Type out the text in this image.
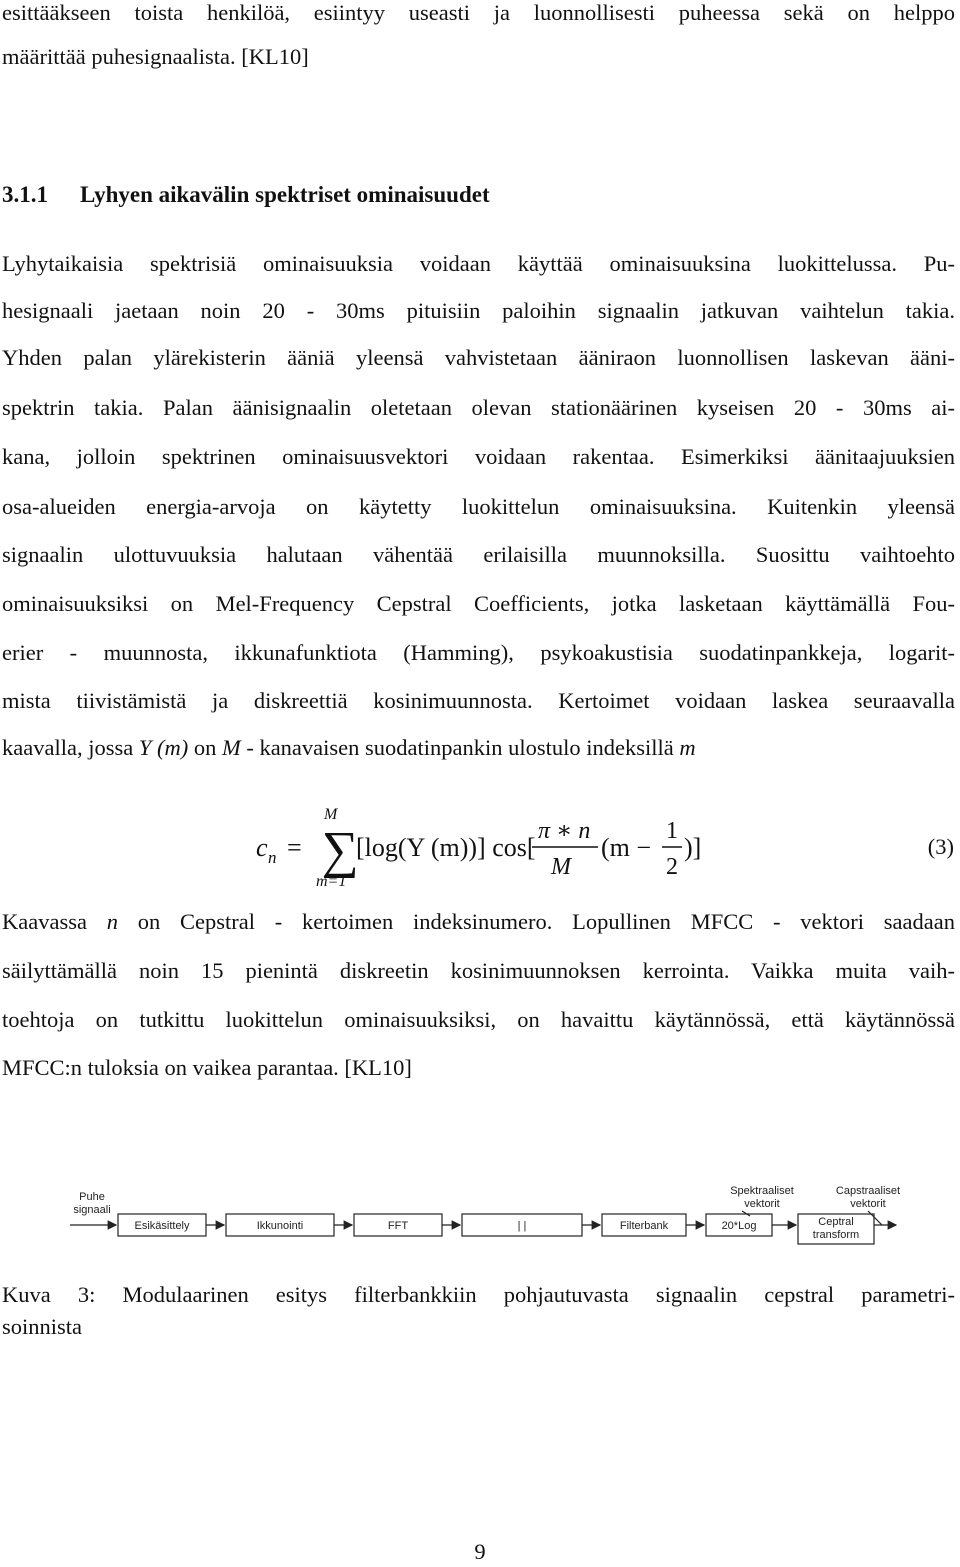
esittääkseen toista henkilöä, esiintyy useasti ja luonnollisesti puheessa sekä on helppo
määrittää puhesignaalista. [KL10]
3.1.1 Lyhyen aikavälin spektriset ominaisuudet
Lyhytaikaisia spektrisiä ominaisuuksia voidaan käyttää ominaisuuksina luokittelussa. Pu-
hesignaali jaetaan noin 20 - 30ms pituisiin paloihin signaalin jatkuvan vaihtelun takia.
Yhden palan ylärekisterin ääniä yleensä vahvistetaan ääniraon luonnollisen laskevan ääni-
spektrin takia. Palan äänisignaalin oletetaan olevan stationäärinen kyseisen 20 - 30ms ai-
kana, jolloin spektrinen ominaisuusvektori voidaan rakentaa. Esimerkiksi äänitaajuuksien
osa-alueiden energia-arvoja on käytetty luokittelun ominaisuuksina. Kuitenkin yleensä
signaalin ulottuvuuksia halutaan vähentää erilaisilla muunnoksilla. Suosittu vaihtoehto
ominaisuuksiksi on Mel-Frequency Cepstral Coefficients, jotka lasketaan käyttämällä Fou-
erier - muunnosta, ikkunafunktiota (Hamming), psykoakustisia suodatinpankkeja, logarit-
mista tiivistämistä ja diskreettiä kosinimuunnosta. Kertoimet voidaan laskea seuraavalla
kaavalla, jossa Y (m) on M - kanavaisen suodatinpankin ulostulo indeksillä m
c n =
M
∑
m=1
[log(Y (m))] cos[
π ∗ n
M
(m −
1
2
)]	(3)
Kaavassa n on Cepstral - kertoimen indeksinumero. Lopullinen MFCC - vektori saadaan
säilyttämällä noin 15 pienintä diskreetin kosinimuunnoksen kerrointa. Vaikka muita vaih-
toehtoja on tutkittu luokittelun ominaisuuksiksi, on havaittu käytännössä, että käytännössä
MFCC:n tuloksia on vaikea parantaa. [KL10]
Puhe
signaali
Spektraaliset
vektorit
Capstraaliset
vektorit
Esikäsittely	Ikkunointi	FFT	| |	Filterbank	20*Log	Ceptral
transform
Kuva 3: Modulaarinen esitys filterbankkiin pohjautuvasta signaalin cepstral parametri-
soinnista
9
